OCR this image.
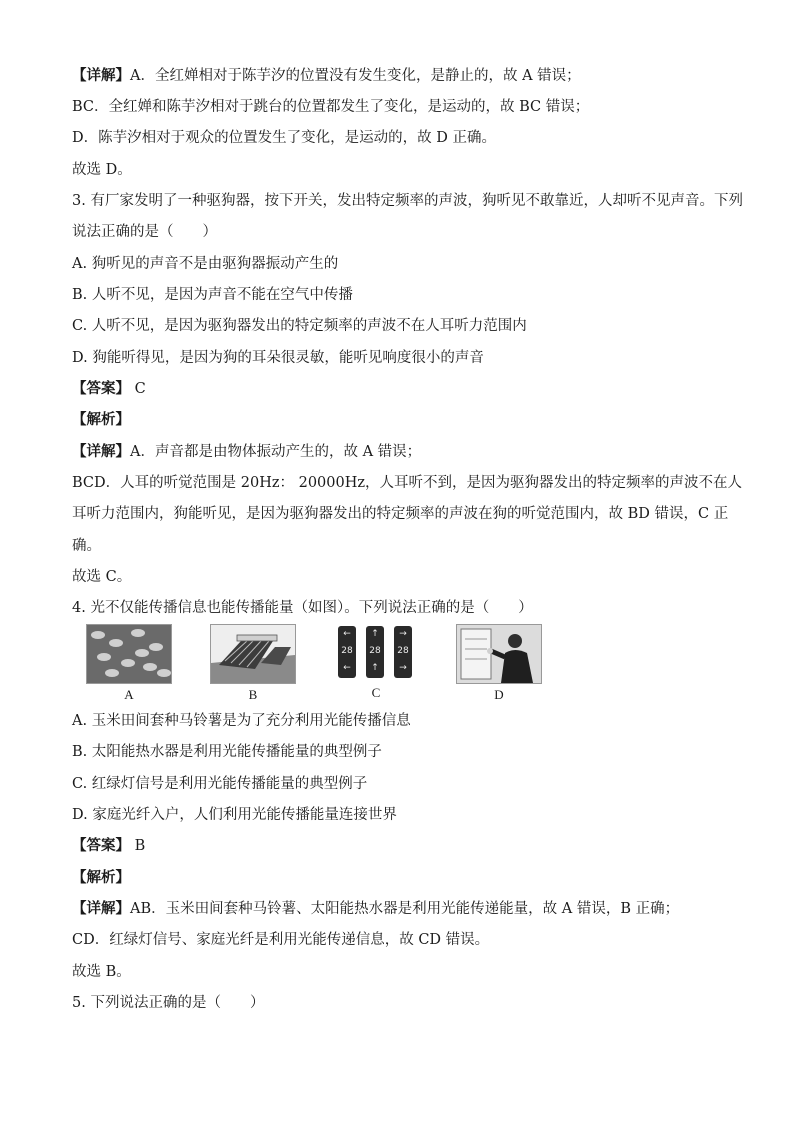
【详解】A．全红婵相对于陈芋汐的位置没有发生变化，是静止的，故 A 错误；
BC．全红婵和陈芋汐相对于跳台的位置都发生了变化，是运动的，故 BC 错误；
D．陈芋汐相对于观众的位置发生了变化，是运动的，故 D 正确。
故选 D。
3. 有厂家发明了一种驱狗器，按下开关，发出特定频率的声波，狗听见不敢靠近，人却听不见声音。下列
说法正确的是（　　）
A. 狗听见的声音不是由驱狗器振动产生的
B. 人听不见，是因为声音不能在空气中传播
C. 人听不见，是因为驱狗器发出的特定频率的声波不在人耳听力范围内
D. 狗能听得见，是因为狗的耳朵很灵敏，能听见响度很小的声音
【答案】 C
【解析】
【详解】A．声音都是由物体振动产生的，故 A 错误；
BCD．人耳的听觉范围是 20Hz： 20000Hz，人耳听不到，是因为驱狗器发出的特定频率的声波不在人
耳听力范围内，狗能听见，是因为驱狗器发出的特定频率的声波在狗的听觉范围内，故 BD 错误，C 正
确。
故选 C。
4. 光不仅能传播信息也能传播能量（如图）。下列说法正确的是（　　）
A	B
←
28
←
↑
28
↑
→
28
→
C	D
A. 玉米田间套种马铃薯是为了充分利用光能传播信息
B. 太阳能热水器是利用光能传播能量的典型例子
C. 红绿灯信号是利用光能传播能量的典型例子
D. 家庭光纤入户，人们利用光能传播能量连接世界
【答案】 B
【解析】
【详解】AB．玉米田间套种马铃薯、太阳能热水器是利用光能传递能量，故 A 错误，B 正确；
CD．红绿灯信号、家庭光纤是利用光能传递信息，故 CD 错误。
故选 B。
5. 下列说法正确的是（　　）
